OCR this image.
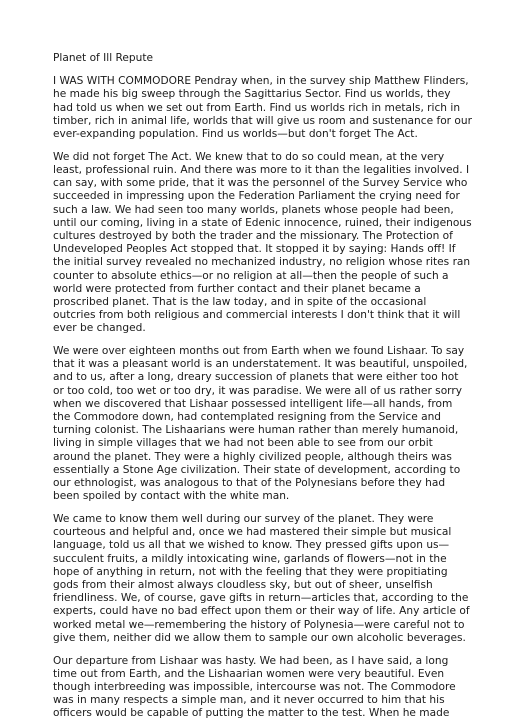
Planet of Ill Repute

I WAS WITH COMMODORE Pendray when, in the survey ship Matthew Flinders, he made his big sweep through the Sagittarius Sector. Find us worlds, they had told us when we set out from Earth. Find us worlds rich in metals, rich in timber, rich in animal life, worlds that will give us room and sustenance for our ever-expanding population. Find us worlds—but don't forget The Act.

We did not forget The Act. We knew that to do so could mean, at the very least, professional ruin. And there was more to it than the legalities involved. I can say, with some pride, that it was the personnel of the Survey Service who succeeded in impressing upon the Federation Parliament the crying need for such a law. We had seen too many worlds, planets whose people had been, until our coming, living in a state of Edenic innocence, ruined, their indigenous cultures destroyed by both the trader and the missionary. The Protection of Undeveloped Peoples Act stopped that. It stopped it by saying: Hands off! If the initial survey revealed no mechanized industry, no religion whose rites ran counter to absolute ethics—or no religion at all—then the people of such a world were protected from further contact and their planet became a proscribed planet. That is the law today, and in spite of the occasional outcries from both religious and commercial interests I don't think that it will ever be changed.

We were over eighteen months out from Earth when we found Lishaar. To say that it was a pleasant world is an understatement. It was beautiful, unspoiled, and to us, after a long, dreary succession of planets that were either too hot or too cold, too wet or too dry, it was paradise. We were all of us rather sorry when we discovered that Lishaar possessed intelligent life—all hands, from the Commodore down, had contemplated resigning from the Service and turning colonist. The Lishaarians were human rather than merely humanoid, living in simple villages that we had not been able to see from our orbit around the planet. They were a highly civilized people, although theirs was essentially a Stone Age civilization. Their state of development, according to our ethnologist, was analogous to that of the Polynesians before they had been spoiled by contact with the white man.

We came to know them well during our survey of the planet. They were courteous and helpful and, once we had mastered their simple but musical language, told us all that we wished to know. They pressed gifts upon us—succulent fruits, a mildly intoxicating wine, garlands of flowers—not in the hope of anything in return, not with the feeling that they were propitiating gods from their almost always cloudless sky, but out of sheer, unselfish friendliness. We, of course, gave gifts in return—articles that, according to the experts, could have no bad effect upon them or their way of life. Any article of worked metal we—remembering the history of Polynesia—were careful not to give them, neither did we allow them to sample our own alcoholic beverages.

Our departure from Lishaar was hasty. We had been, as I have said, a long time out from Earth, and the Lishaarian women were very beautiful. Even though interbreeding was impossible, intercourse was not. The Commodore was in many respects a simple man, and it never occurred to him that his officers would be capable of putting the matter to the test. When he made
